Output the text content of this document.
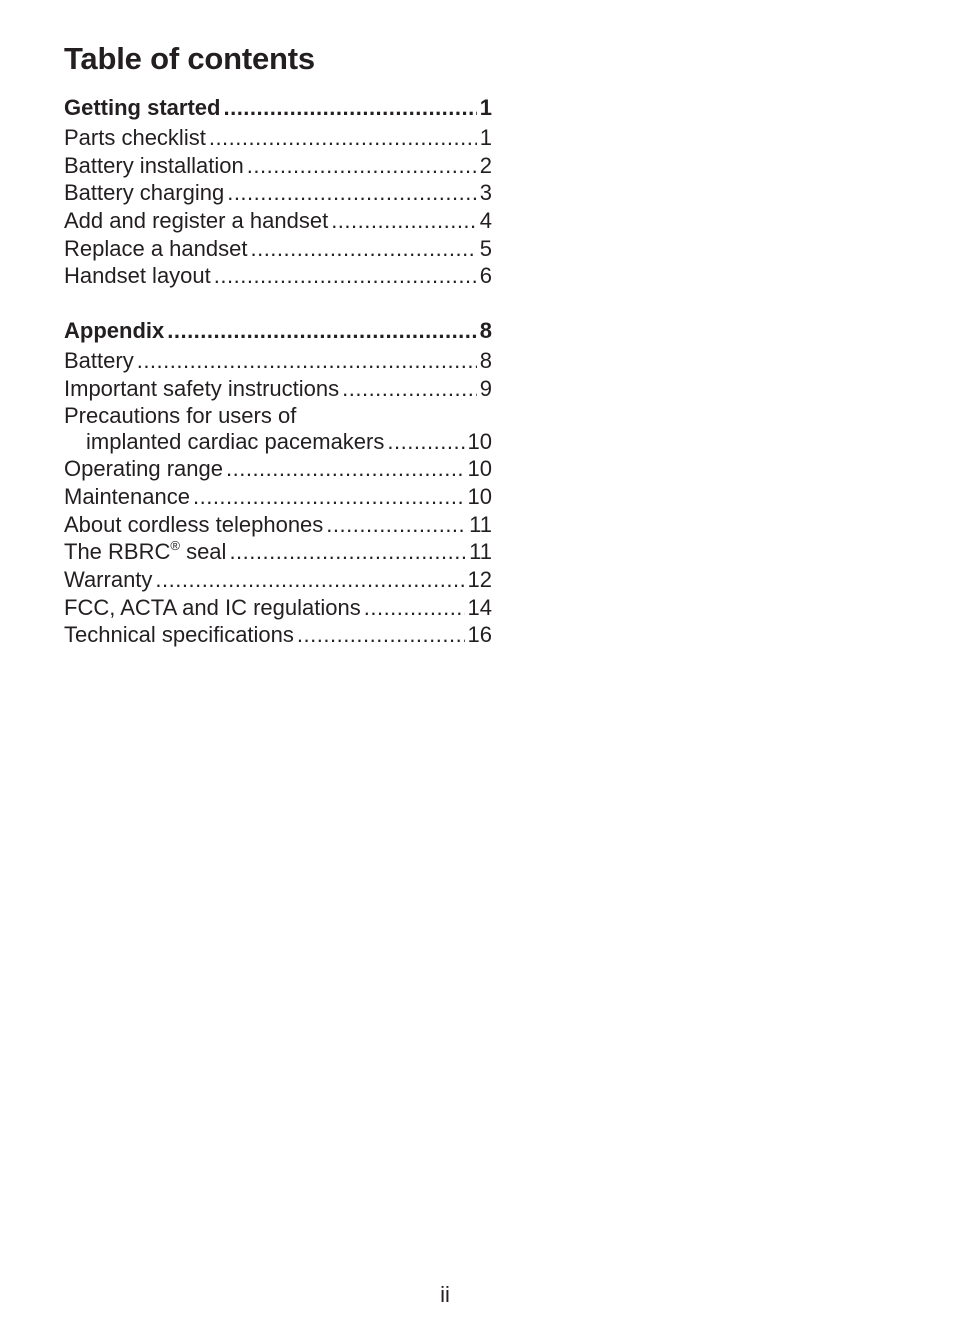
Table of contents
Getting started .....	1
Parts checklist .....	1
Battery installation .....	2
Battery charging .....	3
Add and register a handset .....	4
Replace a handset .....	5
Handset layout .....	6
Appendix .....	8
Battery .....	8
Important safety instructions .....	9
Precautions for users of
implanted cardiac pacemakers .....	10
Operating range .....	10
Maintenance .....	10
About cordless telephones .....	11
The RBRC® seal .....	11
Warranty .....	12
FCC, ACTA and IC regulations .....	14
Technical specifications .....	16
ii
